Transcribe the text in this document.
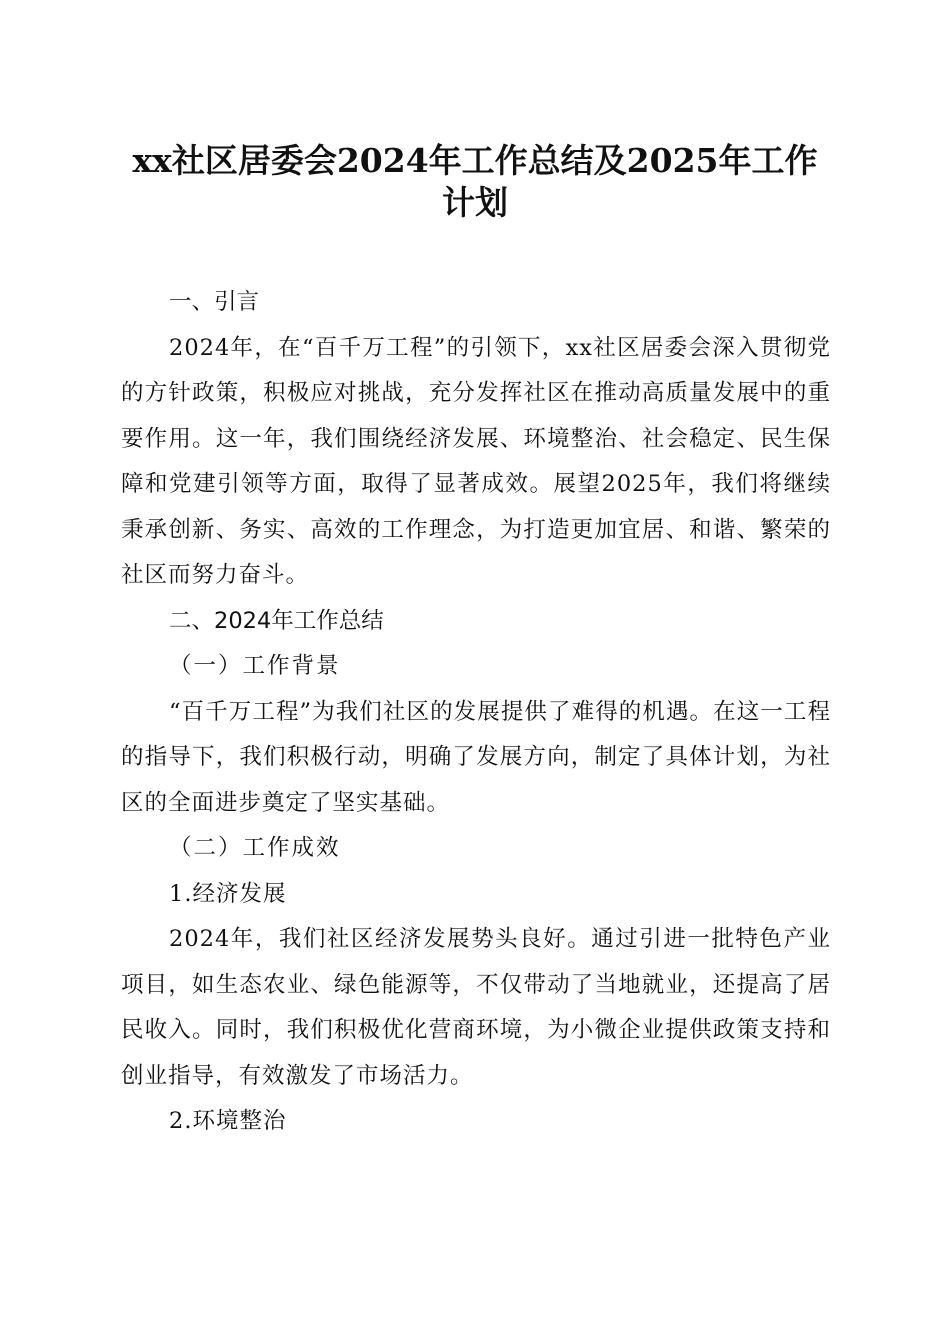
xx社区居委会2024年工作总结及2025年工作
计划

一、引言

2024年，在“百千万工程”的引领下，xx社区居委会深入贯彻党的方针政策，积极应对挑战，充分发挥社区在推动高质量发展中的重要作用。这一年，我们围绕经济发展、环境整治、社会稳定、民生保障和党建引领等方面，取得了显著成效。展望2025年，我们将继续秉承创新、务实、高效的工作理念，为打造更加宜居、和谐、繁荣的社区而努力奋斗。

二、2024年工作总结

（一）工作背景

“百千万工程”为我们社区的发展提供了难得的机遇。在这一工程的指导下，我们积极行动，明确了发展方向，制定了具体计划，为社区的全面进步奠定了坚实基础。

（二）工作成效

1.经济发展

2024年，我们社区经济发展势头良好。通过引进一批特色产业项目，如生态农业、绿色能源等，不仅带动了当地就业，还提高了居民收入。同时，我们积极优化营商环境，为小微企业提供政策支持和创业指导，有效激发了市场活力。

2.环境整治
